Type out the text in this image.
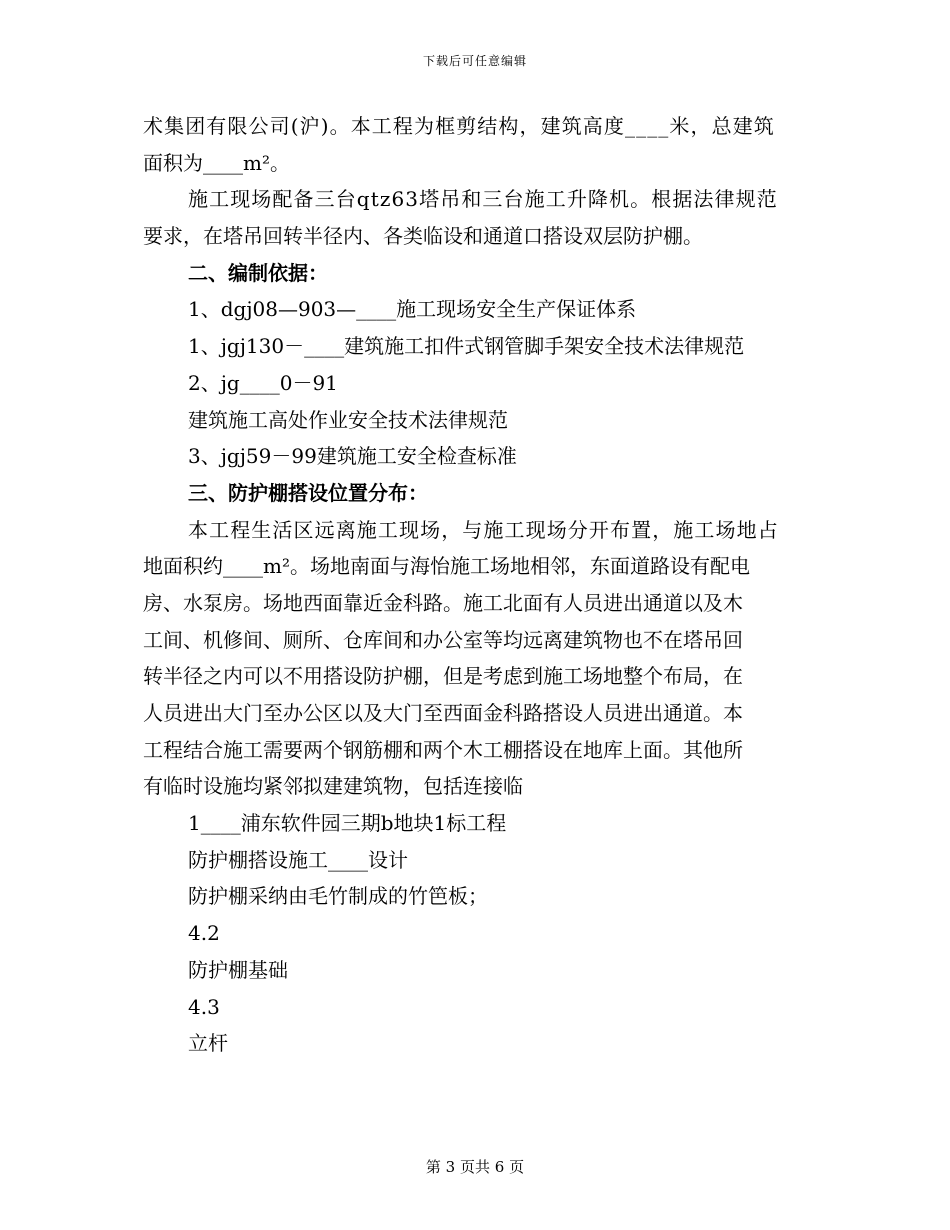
下载后可任意编辑
术集团有限公司(沪)。本工程为框剪结构，建筑高度____米，总建筑
面积为____m²。
施工现场配备三台qtz63塔吊和三台施工升降机。根据法律规范
要求，在塔吊回转半径内、各类临设和通道口搭设双层防护棚。
二、编制依据：
1、dgj08—903—____施工现场安全生产保证体系
1、jgj130－____建筑施工扣件式钢管脚手架安全技术法律规范
2、jg____0－91
建筑施工高处作业安全技术法律规范
3、jgj59－99建筑施工安全检查标准
三、防护棚搭设位置分布：
本工程生活区远离施工现场，与施工现场分开布置，施工场地占
地面积约____m²。场地南面与海怡施工场地相邻，东面道路设有配电
房、水泵房。场地西面靠近金科路。施工北面有人员进出通道以及木
工间、机修间、厕所、仓库间和办公室等均远离建筑物也不在塔吊回
转半径之内可以不用搭设防护棚，但是考虑到施工场地整个布局，在
人员进出大门至办公区以及大门至西面金科路搭设人员进出通道。本
工程结合施工需要两个钢筋棚和两个木工棚搭设在地库上面。其他所
有临时设施均紧邻拟建建筑物，包括连接临
1____浦东软件园三期b地块1标工程
防护棚搭设施工____设计
防护棚采纳由毛竹制成的竹笆板；
4.2
防护棚基础
4.3
立杆
第 3 页共 6 页
